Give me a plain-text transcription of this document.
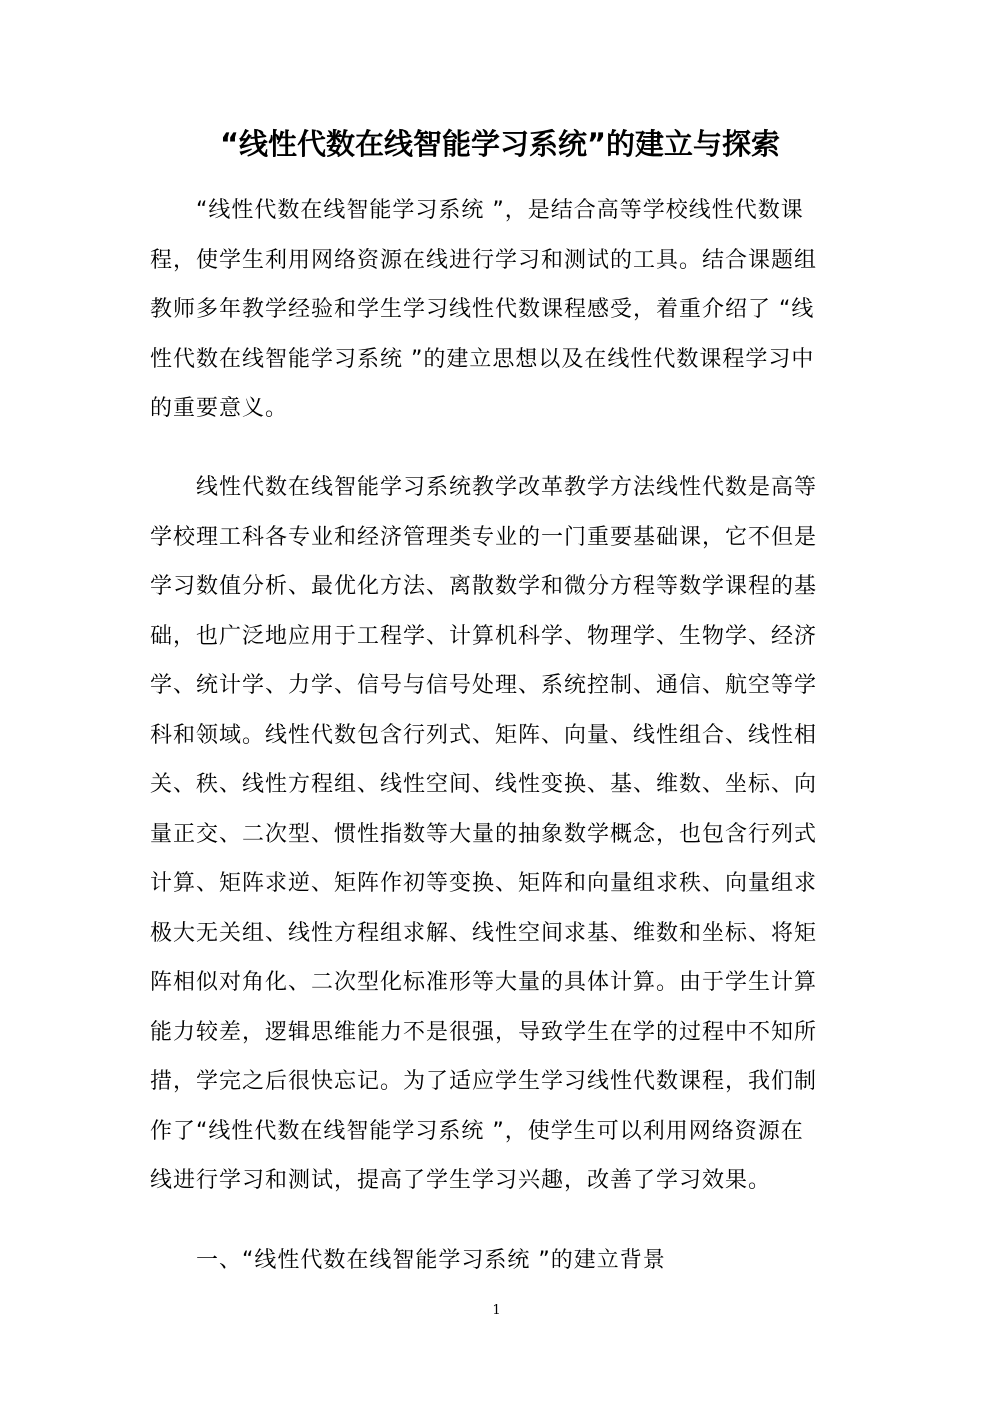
“线性代数在线智能学习系统”的建立与探索
“线性代数在线智能学习系统 ”，是结合高等学校线性代数课
程，使学生利用网络资源在线进行学习和测试的工具。结合课题组
教师多年教学经验和学生学习线性代数课程感受，着重介绍了 “线
性代数在线智能学习系统 ”的建立思想以及在线性代数课程学习中
的重要意义。
线性代数在线智能学习系统教学改革教学方法线性代数是高等
学校理工科各专业和经济管理类专业的一门重要基础课，它不但是
学习数值分析、最优化方法、离散数学和微分方程等数学课程的基
础，也广泛地应用于工程学、计算机科学、物理学、生物学、经济
学、统计学、力学、信号与信号处理、系统控制、通信、航空等学
科和领域。线性代数包含行列式、矩阵、向量、线性组合、线性相
关、秩、线性方程组、线性空间、线性变换、基、维数、坐标、向
量正交、二次型、惯性指数等大量的抽象数学概念，也包含行列式
计算、矩阵求逆、矩阵作初等变换、矩阵和向量组求秩、向量组求
极大无关组、线性方程组求解、线性空间求基、维数和坐标、将矩
阵相似对角化、二次型化标准形等大量的具体计算。由于学生计算
能力较差，逻辑思维能力不是很强，导致学生在学的过程中不知所
措，学完之后很快忘记。为了适应学生学习线性代数课程，我们制
作了“线性代数在线智能学习系统 ”，使学生可以利用网络资源在
线进行学习和测试，提高了学生学习兴趣，改善了学习效果。
一、“线性代数在线智能学习系统 ”的建立背景
1
